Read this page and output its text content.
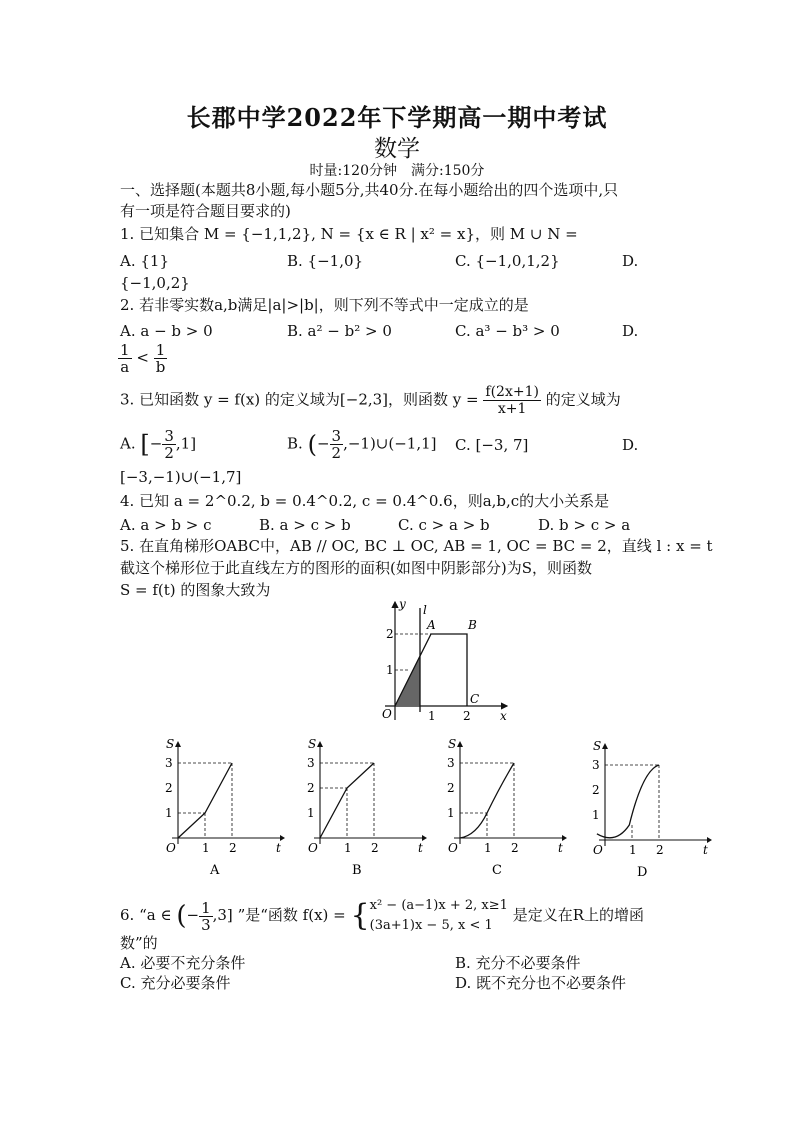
长郡中学2022年下学期高一期中考试
数学
时量:120分钟　满分:150分
一、选择题(本题共8小题,每小题5分,共40分.在每小题给出的四个选项中,只
有一项是符合题目要求的)
1. 已知集合 M = {−1,1,2}, N = {x ∈ R | x² = x}，则 M ∪ N =
A. {1}	B. {−1,0}	C. {−1,0,1,2}	D.
{−1,0,2}
2. 若非零实数a,b满足|a|>|b|，则下列不等式中一定成立的是
A. a − b > 0	B. a² − b² > 0	C. a³ − b³ > 0	D.
$\frac{1}{a} < \frac{1}{b}$
3. 已知函数 y = f(x) 的定义域为[−2,3]，则函数 $y = \frac{f(2x+1)}{x+1}$ 的定义域为
A. [− $\frac{3}{2} ,1$]	B. (− $\frac{3}{2}$ ,−1)∪(−1,1] C. [−3, 7]	D.
[−3,−1)∪(−1,7]
4. 已知 a = 2^0.2, b = 0.4^0.2, c = 0.4^0.6，则a,b,c的大小关系是
A. a > b > c	B. a > c > b	C. c > a > b	D. b > c > a
5. 在直角梯形OABC中，AB // OC, BC ⊥ OC, AB = 1, OC = BC = 2，直线 l : x = t
截这个梯形位于此直线左方的图形的面积(如图中阴影部分)为S，则函数
S = f(t) 的图象大致为
y l
A	B
C
O	x
1 2
1
2
S
t
O
1
2
3
1 2
A
S
t
O
1
2
3
1 2
B
S
t
O
1
2
3
1 2
C
S
t
O
1
2
3
1 2
D
6. “a ∈ (− $\frac{1}{3} ,3$] ”是“函数 f(x) = { x² − (a−1)x + 2, x≥1
(3a+1)x − 5, x < 1
是定义在R上的增函
数”的
A. 必要不充分条件	B. 充分不必要条件
C. 充分必要条件	D. 既不充分也不必要条件
